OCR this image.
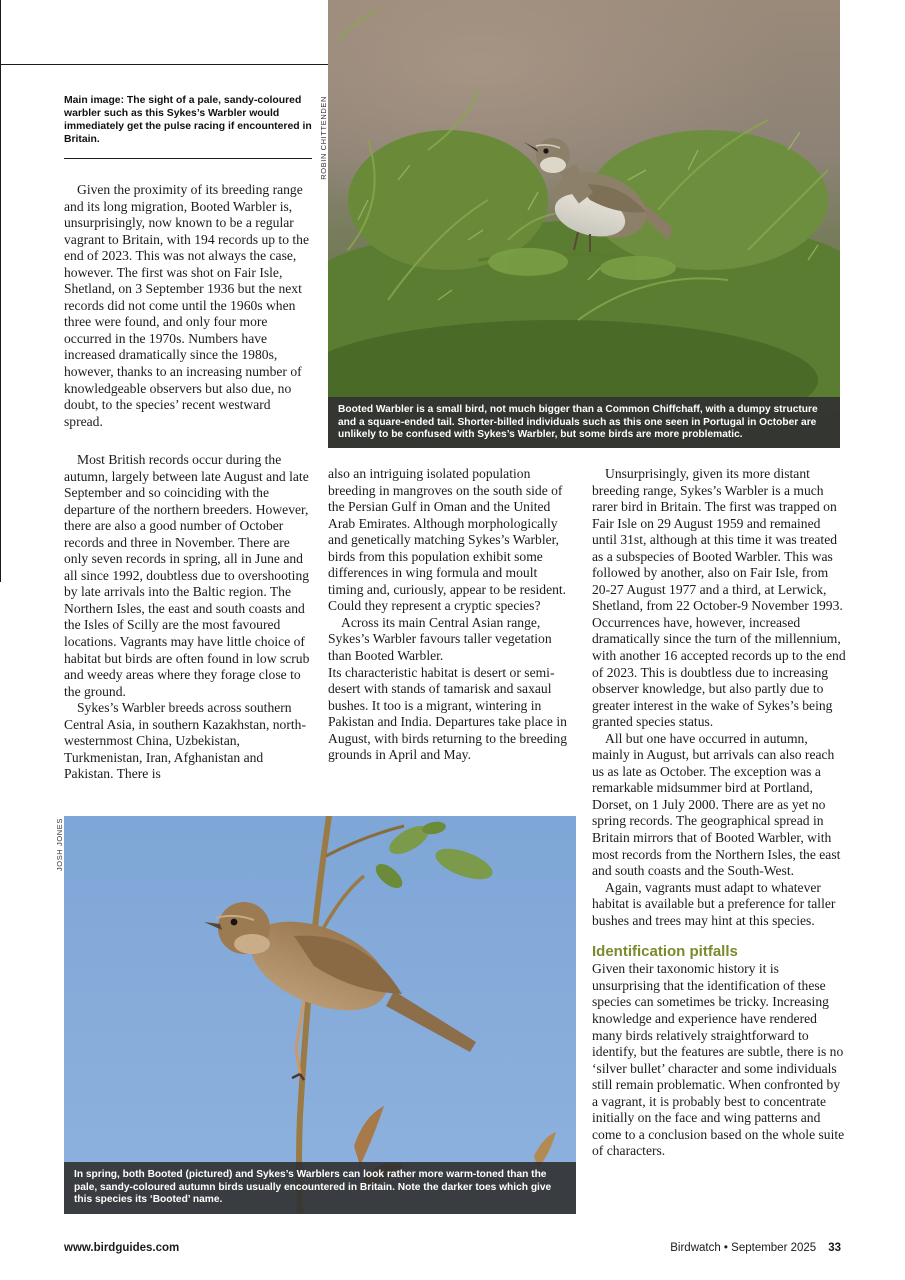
Main image: The sight of a pale, sandy-coloured warbler such as this Sykes’s Warbler would immediately get the pulse racing if encountered in Britain.
Booted Warbler is a small bird, not much bigger than a Common Chiffchaff, with a dumpy structure and a square-ended tail. Shorter-billed individuals such as this one seen in Portugal in October are unlikely to be confused with Sykes’s Warbler, but some birds are more problematic.
ROBIN CHITTENDEN

Given the proximity of its breeding range and its long migration, Booted Warbler is, unsurprisingly, now known to be a regular vagrant to Britain, with 194 records up to the end of 2023. This was not always the case, however. The first was shot on Fair Isle, Shetland, on 3 September 1936 but the next records did not come until the 1960s when three were found, and only four more occurred in the 1970s. Numbers have increased dramatically since the 1980s, however, thanks to an increasing number of knowledgeable observers but also due, no doubt, to the species’ recent westward spread.

Most British records occur during the autumn, largely between late August and late September and so coinciding with the departure of the northern breeders. However, there are also a good number of October records and three in November. There are only seven records in spring, all in June and all since 1992, doubtless due to overshooting by late arrivals into the Baltic region. The Northern Isles, the east and south coasts and the Isles of Scilly are the most favoured locations. Vagrants may have little choice of habitat but birds are often found in low scrub and weedy areas where they forage close to the ground.

Sykes’s Warbler breeds across southern Central Asia, in southern Kazakhstan, north-westernmost China, Uzbekistan, Turkmenistan, Iran, Afghanistan and Pakistan. There is

also an intriguing isolated population breeding in mangroves on the south side of the Persian Gulf in Oman and the United Arab Emirates. Although morphologically and genetically matching Sykes’s Warbler, birds from this population exhibit some differences in wing formula and moult timing and, curiously, appear to be resident. Could they represent a cryptic species?

Across its main Central Asian range, Sykes’s Warbler favours taller vegetation than Booted Warbler.

Its characteristic habitat is desert or semi-desert with stands of tamarisk and saxaul bushes. It too is a migrant, wintering in Pakistan and India. Departures take place in August, with birds returning to the breeding grounds in April and May.

Unsurprisingly, given its more distant breeding range, Sykes’s Warbler is a much rarer bird in Britain. The first was trapped on Fair Isle on 29 August 1959 and remained until 31st, although at this time it was treated as a subspecies of Booted Warbler. This was followed by another, also on Fair Isle, from 20-27 August 1977 and a third, at Lerwick, Shetland, from 22 October-9 November 1993. Occurrences have, however, increased dramatically since the turn of the millennium, with another 16 accepted records up to the end of 2023. This is doubtless due to increasing observer knowledge, but also partly due to greater interest in the wake of Sykes’s being granted species status.

All but one have occurred in autumn, mainly in August, but arrivals can also reach us as late as October. The exception was a remarkable midsummer bird at Portland, Dorset, on 1 July 2000. There are as yet no spring records. The geographical spread in Britain mirrors that of Booted Warbler, with most records from the Northern Isles, the east and south coasts and the South-West.

Again, vagrants must adapt to whatever habitat is available but a preference for taller bushes and trees may hint at this species.

Identification pitfalls

Given their taxonomic history it is unsurprising that the identification of these species can sometimes be tricky. Increasing knowledge and experience have rendered many birds relatively straightforward to identify, but the features are subtle, there is no ‘silver bullet’ character and some individuals still remain problematic. When confronted by a vagrant, it is probably best to concentrate initially on the face and wing patterns and come to a conclusion based on the whole suite of characters.

In spring, both Booted (pictured) and Sykes’s Warblers can look rather more warm-toned than the pale, sandy-coloured autumn birds usually encountered in Britain. Note the darker toes which give this species its ‘Booted’ name.
JOSH JONES
www.birdguides.com	Birdwatch • September 2025 33
